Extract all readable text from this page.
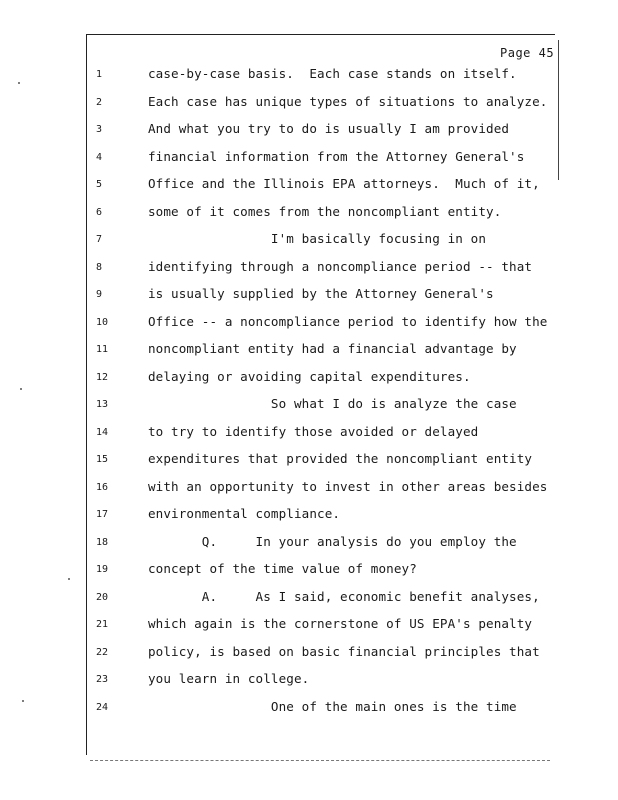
Page 45
1	case-by-case basis.  Each case stands on itself.
2	Each case has unique types of situations to analyze.
3	And what you try to do is usually I am provided
4	financial information from the Attorney General's
5	Office and the Illinois EPA attorneys.  Much of it,
6	some of it comes from the noncompliant entity.
7	I'm basically focusing in on
8	identifying through a noncompliance period -- that
9	is usually supplied by the Attorney General's
10	Office -- a noncompliance period to identify how the
11	noncompliant entity had a financial advantage by
12	delaying or avoiding capital expenditures.
13	So what I do is analyze the case
14	to try to identify those avoided or delayed
15	expenditures that provided the noncompliant entity
16	with an opportunity to invest in other areas besides
17	environmental compliance.
18	Q.     In your analysis do you employ the
19	concept of the time value of money?
20	A.     As I said, economic benefit analyses,
21	which again is the cornerstone of US EPA's penalty
22	policy, is based on basic financial principles that
23	you learn in college.
24	One of the main ones is the time
